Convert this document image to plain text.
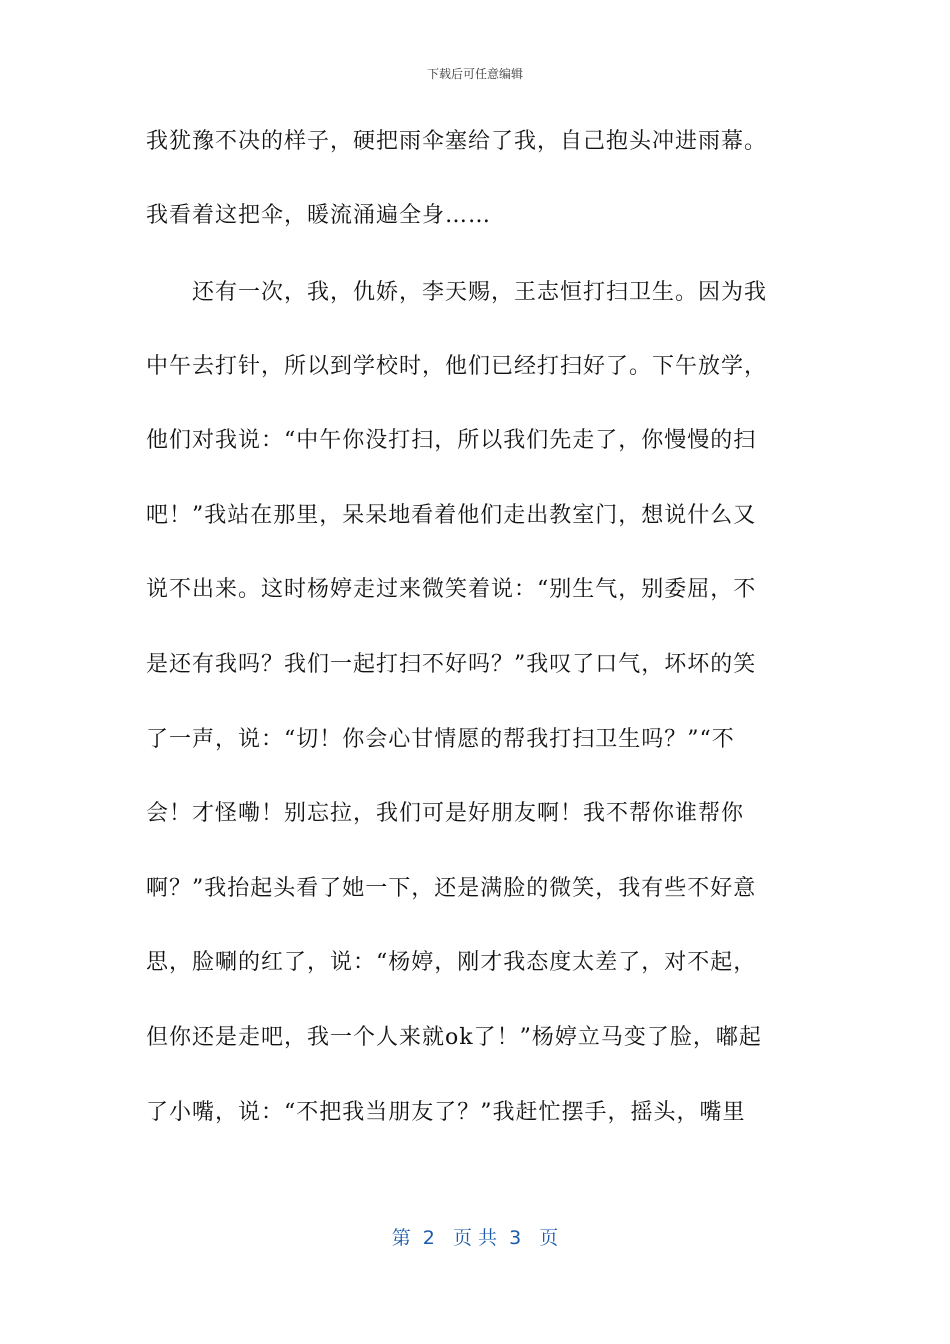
下载后可任意编辑
我犹豫不决的样子，硬把雨伞塞给了我，自己抱头冲进雨幕。
我看着这把伞，暖流涌遍全身……
还有一次，我，仇娇，李天赐，王志恒打扫卫生。因为我
中午去打针，所以到学校时，他们已经打扫好了。下午放学，
他们对我说：“中午你没打扫，所以我们先走了，你慢慢的扫
吧！”我站在那里，呆呆地看着他们走出教室门，想说什么又
说不出来。这时杨婷走过来微笑着说：“别生气，别委屈，不
是还有我吗？我们一起打扫不好吗？”我叹了口气，坏坏的笑
了一声，说：“切！你会心甘情愿的帮我打扫卫生吗？”“不
会！才怪嘞！别忘拉，我们可是好朋友啊！我不帮你谁帮你
啊？”我抬起头看了她一下，还是满脸的微笑，我有些不好意
思，脸唰的红了，说：“杨婷，刚才我态度太差了，对不起，
但你还是走吧，我一个人来就ok了！”杨婷立马变了脸，嘟起
了小嘴，说：“不把我当朋友了？”我赶忙摆手，摇头，嘴里
第  2   页 共  3   页
